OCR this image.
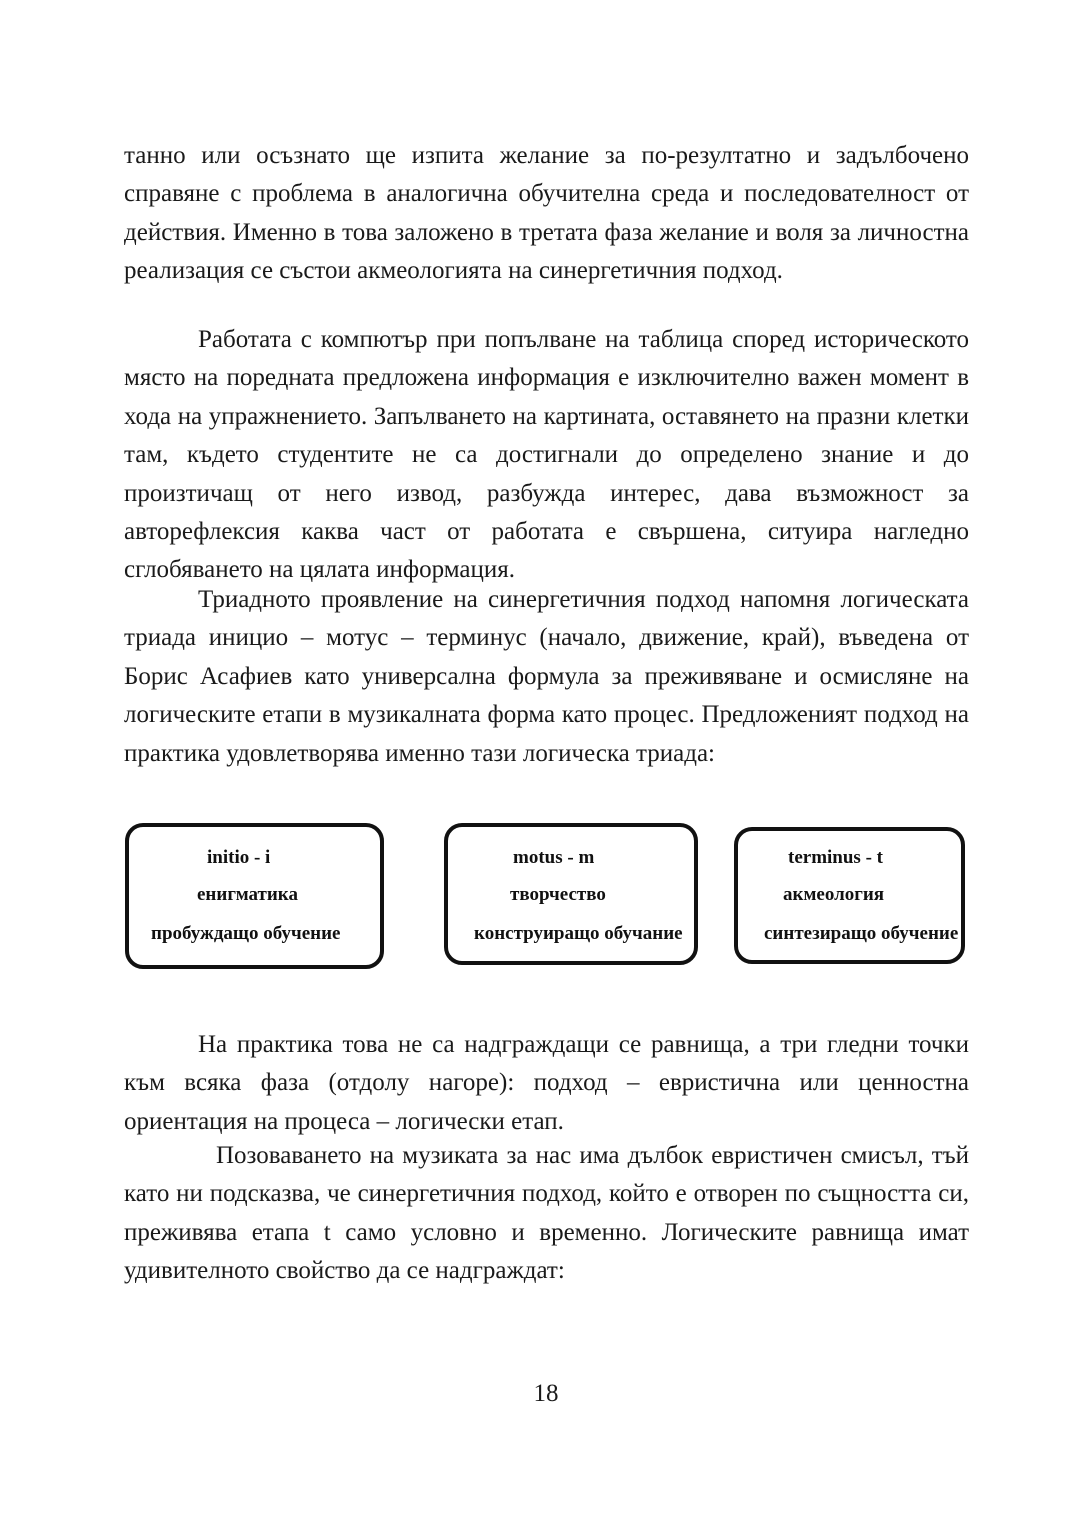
танно или осъзнато ще изпита желание за по-резултатно и задълбочено справяне с проблема в аналогична обучителна среда и последователност от действия. Именно в това заложено в третата фаза желание и воля за личностна реализация се състои акмеологията на синергетичния подход.

Работата с компютър при попълване на таблица според историческото място на поредната предложена информация е изключително важен момент в хода на упражнението. Запълването на картината, оставянето на празни клетки там, където студентите не са достигнали до определено знание и до произтичащ от него извод, разбужда интерес, дава възможност за авторефлексия каква част от работата е свършена, ситуира нагледно сглобяването на цялата информация.

Триадното проявление на синергетичния подход напомня логическата триада иницио – мотус – терминус (начало, движение, край), въведена от Борис Асафиев като универсална формула за преживяване и осмисляне на логическите етапи в музикалната форма като процес. Предложеният подход на практика удовлетворява именно тази логическа триада:

initio - i
енигматика
пробуждащо обучение
motus - m
творчество
конструиращо обучание
terminus - t
акмеология
синтезиращо обучение

На практика това не са надграждащи се равнища, а три гледни точки към всяка фаза (отдолу нагоре): подход – евристична или ценностна ориентация на процеса – логически етап.

Позоваването на музиката за нас има дълбок евристичен смисъл, тъй като ни подсказва, че синергетичния подход, който е отворен по същността си, преживява етапа t само условно и временно. Логическите равнища имат удивителното свойство да се надграждат:

18
